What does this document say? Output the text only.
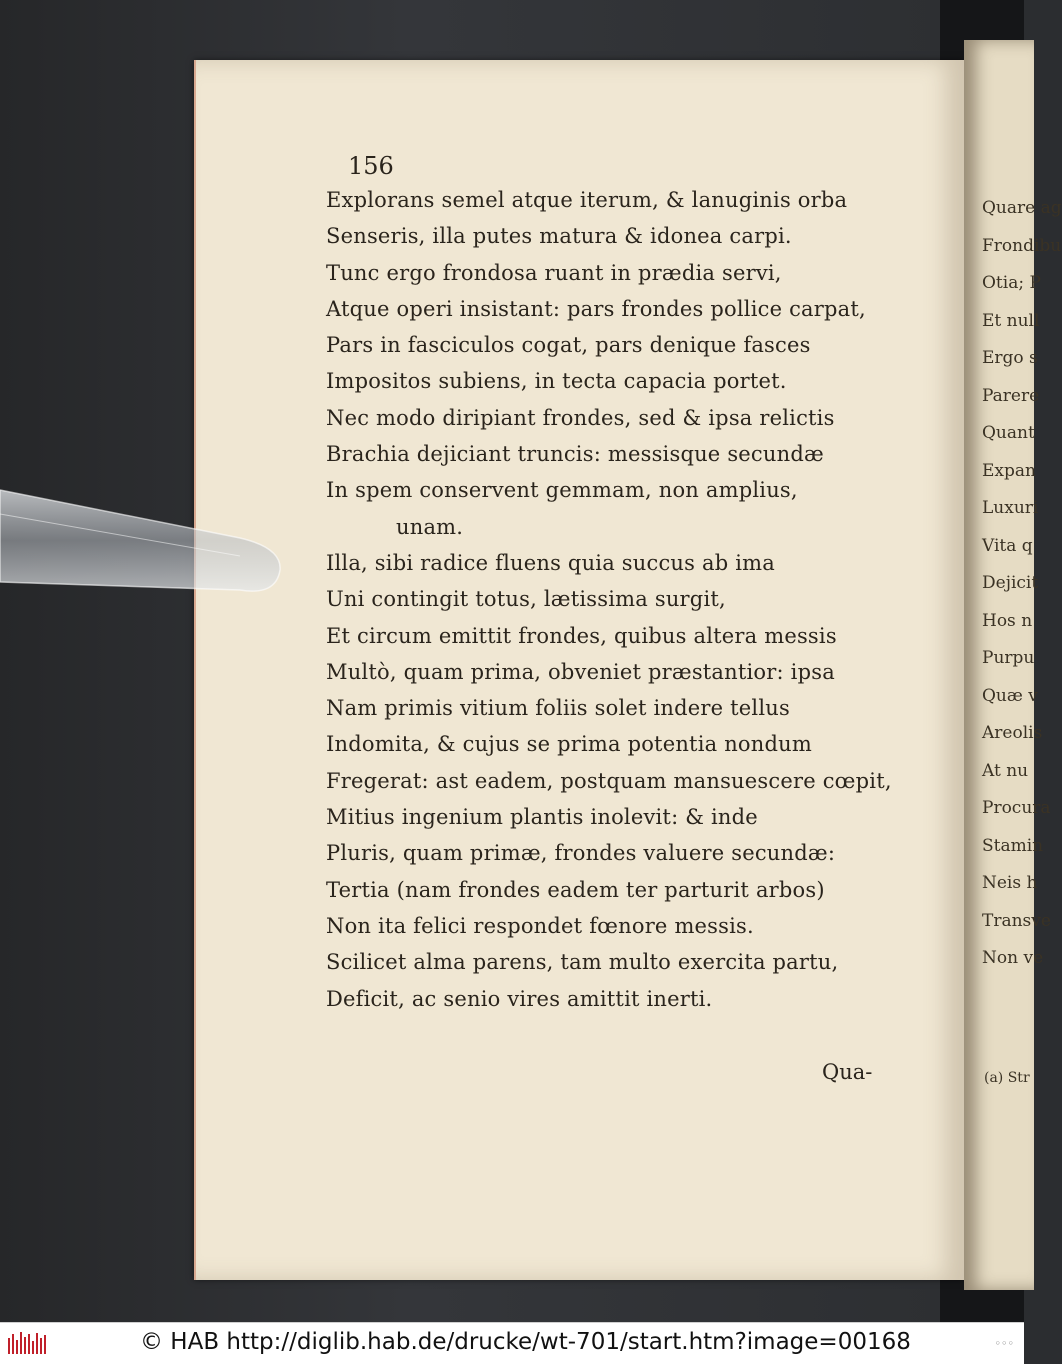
156
Explorans semel atque iterum, & lanuginis orba
Senseris, illa putes matura & idonea carpi.
Tunc ergo frondosa ruant in prædia servi,
Atque operi insistant: pars frondes pollice carpat,
Pars in fasciculos cogat, pars denique fasces
Impositos subiens, in tecta capacia portet.
Nec modo diripiant frondes, sed & ipsa relictis
Brachia dejiciant truncis: messisque secundæ
In spem conservent gemmam, non amplius,
unam.
Illa, sibi radice fluens quia succus ab ima
Uni contingit totus, lætissima surgit,
Et circum emittit frondes, quibus altera messis
Multò, quam prima, obveniet præstantior: ipsa
Nam primis vitium foliis solet indere tellus
Indomita, & cujus se prima potentia nondum
Fregerat: ast eadem, postquam mansuescere cœpit,
Mitius ingenium plantis inolevit: & inde
Pluris, quam primæ, frondes valuere secundæ:
Tertia (nam frondes eadem ter parturit arbos)
Non ita felici respondet fœnore messis.
Scilicet alma parens, tam multo exercita partu,
Deficit, ac senio vires amittit inerti.
Qua-
Quare ag
Frondibu
Otia; P
Et null
Ergo s
Parere
Quant
Expan
Luxuri
Vita q
Dejicit
Hos n
Purpu
Quæ v
Areolis
At nu
Procura
Stamin
Neis h
Transve
Non ve
(a) Str
© HAB http://diglib.hab.de/drucke/wt-701/start.htm?image=00168	◦◦◦
